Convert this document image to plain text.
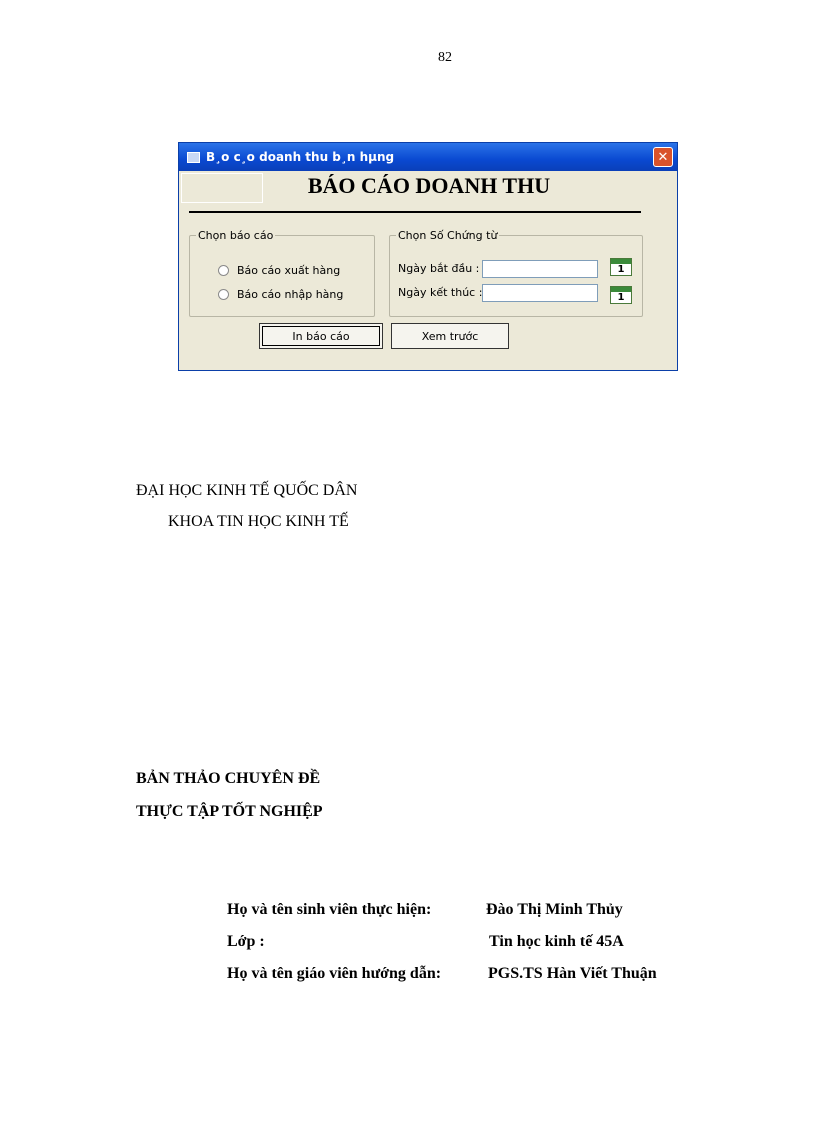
82
B¸o c¸o doanh thu b¸n hµng	✕
BÁO CÁO DOANH THU
Chọn báo cáo
Báo cáo xuất hàng
Báo cáo nhập hàng
Chọn Số Chứng từ
Ngày bắt đầu :	1
Ngày kết thúc :	1
In báo cáo	Xem trước
ĐẠI HỌC KINH TẾ QUỐC DÂN
KHOA TIN HỌC KINH TẾ
BẢN THẢO CHUYÊN ĐỀ
THỰC TẬP TỐT NGHIỆP
Họ và tên sinh viên thực hiện:	Đào Thị Minh Thủy
Lớp :	Tin học kinh tế 45A
Họ và tên giáo viên hướng dẫn:	PGS.TS Hàn Viết Thuận
